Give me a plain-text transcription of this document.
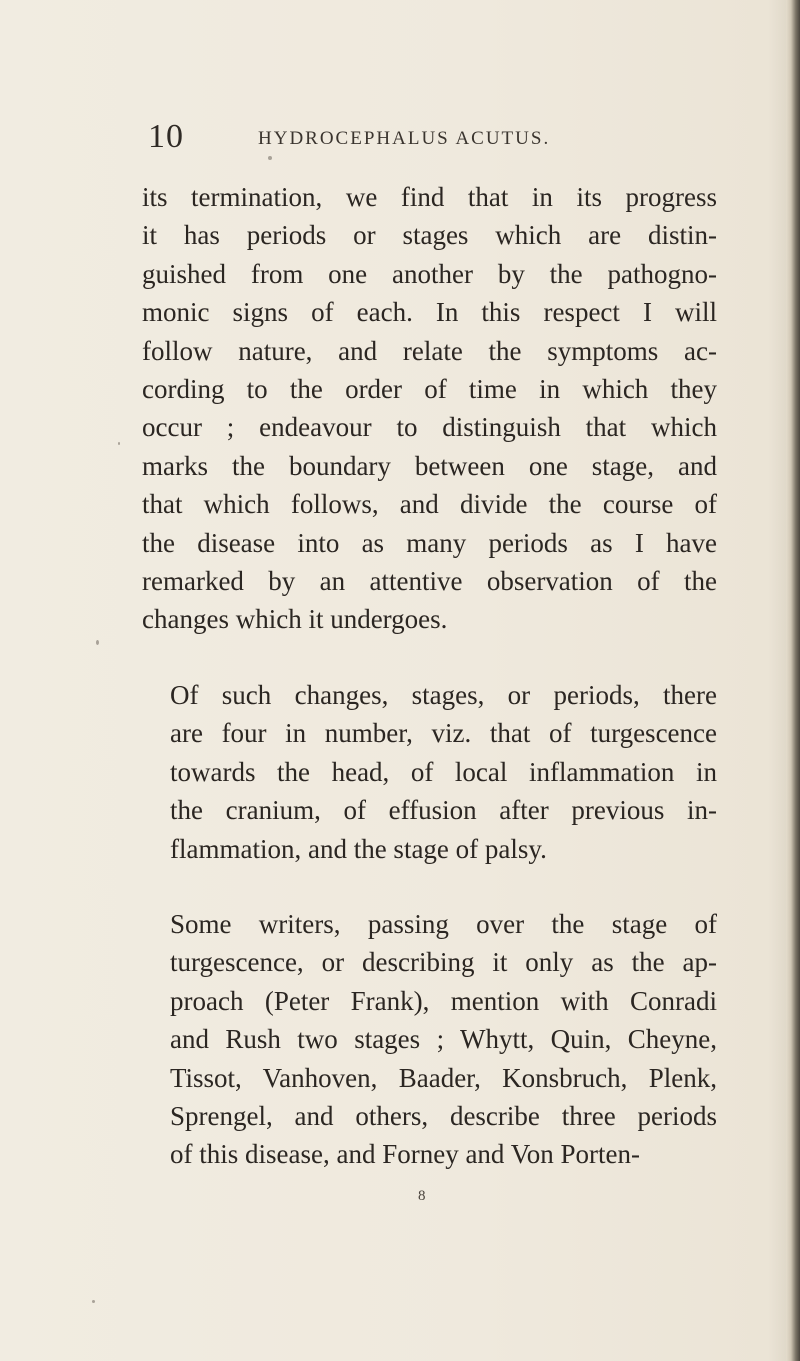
10	HYDROCEPHALUS ACUTUS.

its termination, we find that in its progress
it has periods or stages which are distin-
guished from one another by the pathogno-
monic signs of each. In this respect I will
follow nature, and relate the symptoms ac-
cording to the order of time in which they
occur ; endeavour to distinguish that which
marks the boundary between one stage, and
that which follows, and divide the course of
the disease into as many periods as I have
remarked by an attentive observation of the
changes which it undergoes.

Of such changes, stages, or periods, there
are four in number, viz. that of turgescence
towards the head, of local inflammation in
the cranium, of effusion after previous in-
flammation, and the stage of palsy.

Some writers, passing over the stage of
turgescence, or describing it only as the ap-
proach (Peter Frank), mention with Conradi
and Rush two stages ; Whytt, Quin, Cheyne,
Tissot, Vanhoven, Baader, Konsbruch, Plenk,
Sprengel, and others, describe three periods
of this disease, and Forney and Von Porten-

8
